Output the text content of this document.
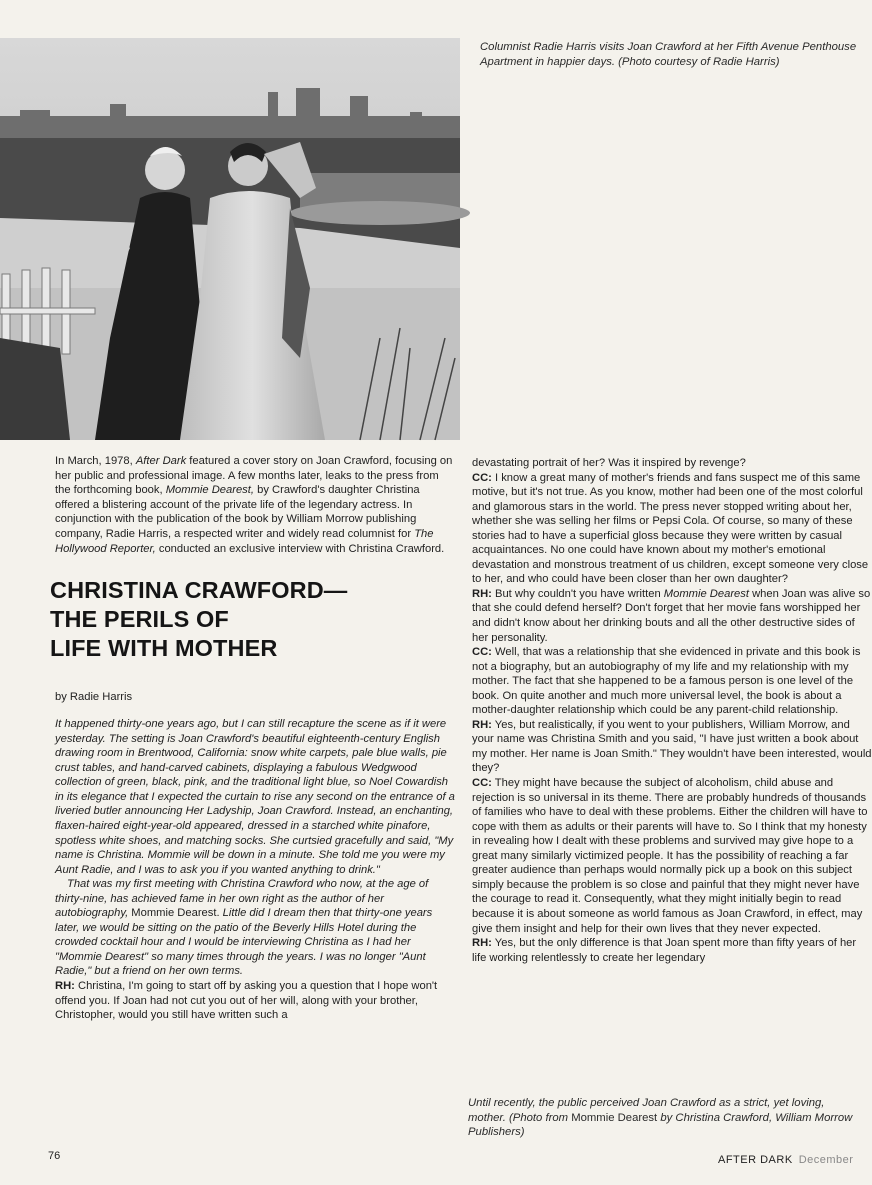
Columnist Radie Harris visits Joan Crawford at her Fifth Avenue Penthouse Apartment in happier days. (Photo courtesy of Radie Harris)

In March, 1978, After Dark featured a cover story on Joan Crawford, focusing on her public and professional image. A few months later, leaks to the press from the forthcoming book, Mommie Dearest, by Crawford's daughter Christina offered a blistering account of the private life of the legendary actress. In conjunction with the publication of the book by William Morrow publishing company, Radie Harris, a respected writer and widely read columnist for The Hollywood Reporter, conducted an exclusive interview with Christina Crawford.

CHRISTINA CRAWFORD—
THE PERILS OF
LIFE WITH MOTHER

by Radie Harris

It happened thirty-one years ago, but I can still recapture the scene as if it were yesterday. The setting is Joan Crawford's beautiful eighteenth-century English drawing room in Brentwood, California: snow white carpets, pale blue walls, pie crust tables, and hand-carved cabinets, displaying a fabulous Wedgwood collection of green, black, pink, and the traditional light blue, so Noel Cowardish in its elegance that I expected the curtain to rise any second on the entrance of a liveried butler announcing Her Ladyship, Joan Crawford. Instead, an enchanting, flaxen-haired eight-year-old appeared, dressed in a starched white pinafore, spotless white shoes, and matching socks. She curtsied gracefully and said, "My name is Christina. Mommie will be down in a minute. She told me you were my Aunt Radie, and I was to ask you if you wanted anything to drink."

That was my first meeting with Christina Crawford who now, at the age of thirty-nine, has achieved fame in her own right as the author of her autobiography, Mommie Dearest. Little did I dream then that thirty-one years later, we would be sitting on the patio of the Beverly Hills Hotel during the crowded cocktail hour and I would be interviewing Christina as I had her "Mommie Dearest" so many times through the years. I was no longer "Aunt Radie," but a friend on her own terms.

RH: Christina, I'm going to start off by asking you a question that I hope won't offend you. If Joan had not cut you out of her will, along with your brother, Christopher, would you still have written such a

devastating portrait of her? Was it inspired by revenge?

CC: I know a great many of mother's friends and fans suspect me of this same motive, but it's not true. As you know, mother had been one of the most colorful and glamorous stars in the world. The press never stopped writing about her, whether she was selling her films or Pepsi Cola. Of course, so many of these stories had to have a superficial gloss because they were written by casual acquaintances. No one could have known about my mother's emotional devastation and monstrous treatment of us children, except someone very close to her, and who could have been closer than her own daughter?

RH: But why couldn't you have written Mommie Dearest when Joan was alive so that she could defend herself? Don't forget that her movie fans worshipped her and didn't know about her drinking bouts and all the other destructive sides of her personality.

CC: Well, that was a relationship that she evidenced in private and this book is not a biography, but an autobiography of my life and my relationship with my mother. The fact that she happened to be a famous person is one level of the book. On quite another and much more universal level, the book is about a mother-daughter relationship which could be any parent-child relationship.

RH: Yes, but realistically, if you went to your publishers, William Morrow, and your name was Christina Smith and you said, "I have just written a book about my mother. Her name is Joan Smith." They wouldn't have been interested, would they?

CC: They might have because the subject of alcoholism, child abuse and rejection is so universal in its theme. There are probably hundreds of thousands of families who have to deal with these problems. Either the children will have to cope with them as adults or their parents will have to. So I think that my honesty in revealing how I dealt with these problems and survived may give hope to a great many similarly victimized people. It has the possibility of reaching a far greater audience than perhaps would normally pick up a book on this subject simply because the problem is so close and painful that they might never have the courage to read it. Consequently, what they might initially begin to read because it is about someone as world famous as Joan Crawford, in effect, may give them insight and help for their own lives that they never expected.

RH: Yes, but the only difference is that Joan spent more than fifty years of her life working relentlessly to create her legendary

Until recently, the public perceived Joan Crawford as a strict, yet loving, mother. (Photo from Mommie Dearest by Christina Crawford, William Morrow Publishers)
76	AFTER DARK December
